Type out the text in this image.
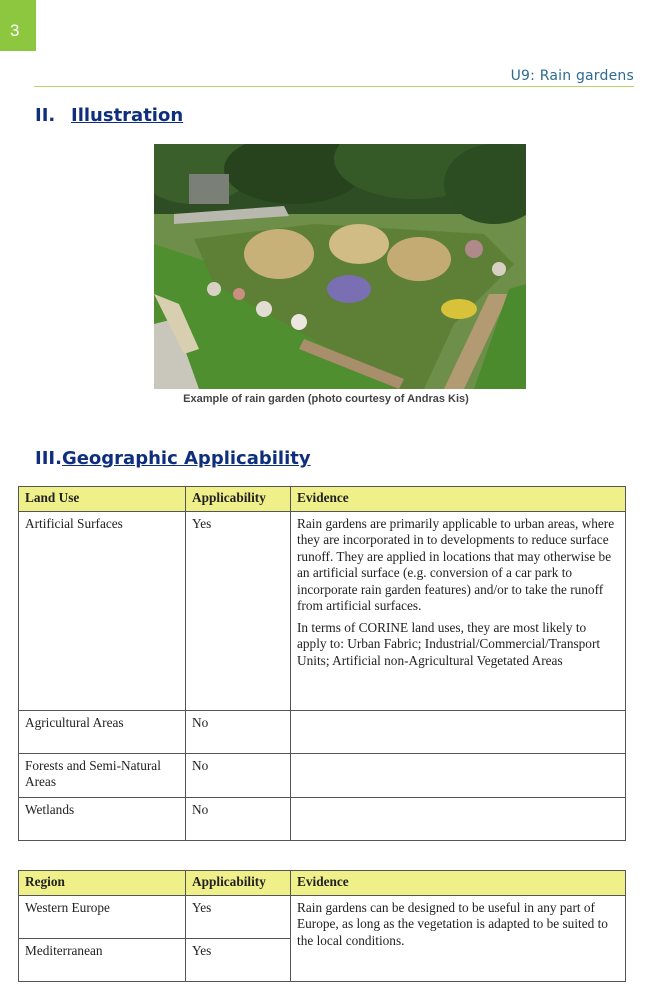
3
U9: Rain gardens
II. Illustration
Example of rain garden (photo courtesy of Andras Kis)
III.Geographic Applicability
Land Use	Applicability	Evidence
Artificial Surfaces	Yes	Rain gardens are primarily applicable to urban areas, where they are incorporated in to developments to reduce surface runoff. They are applied in locations that may otherwise be an artificial surface (e.g. conversion of a car park to incorporate rain garden features) and/or to take the runoff from artificial surfaces.

In terms of CORINE land uses, they are most likely to apply to: Urban Fabric; Industrial/Commercial/Transport Units; Artificial non-Agricultural Vegetated Areas

Agricultural Areas	No	
Forests and Semi-Natural Areas	No	
Wetlands	No	
Region	Applicability	Evidence
Western Europe	Yes	Rain gardens can be designed to be useful in any part of Europe, as long as the vegetation is adapted to be suited to the local conditions.
Mediterranean	Yes	
